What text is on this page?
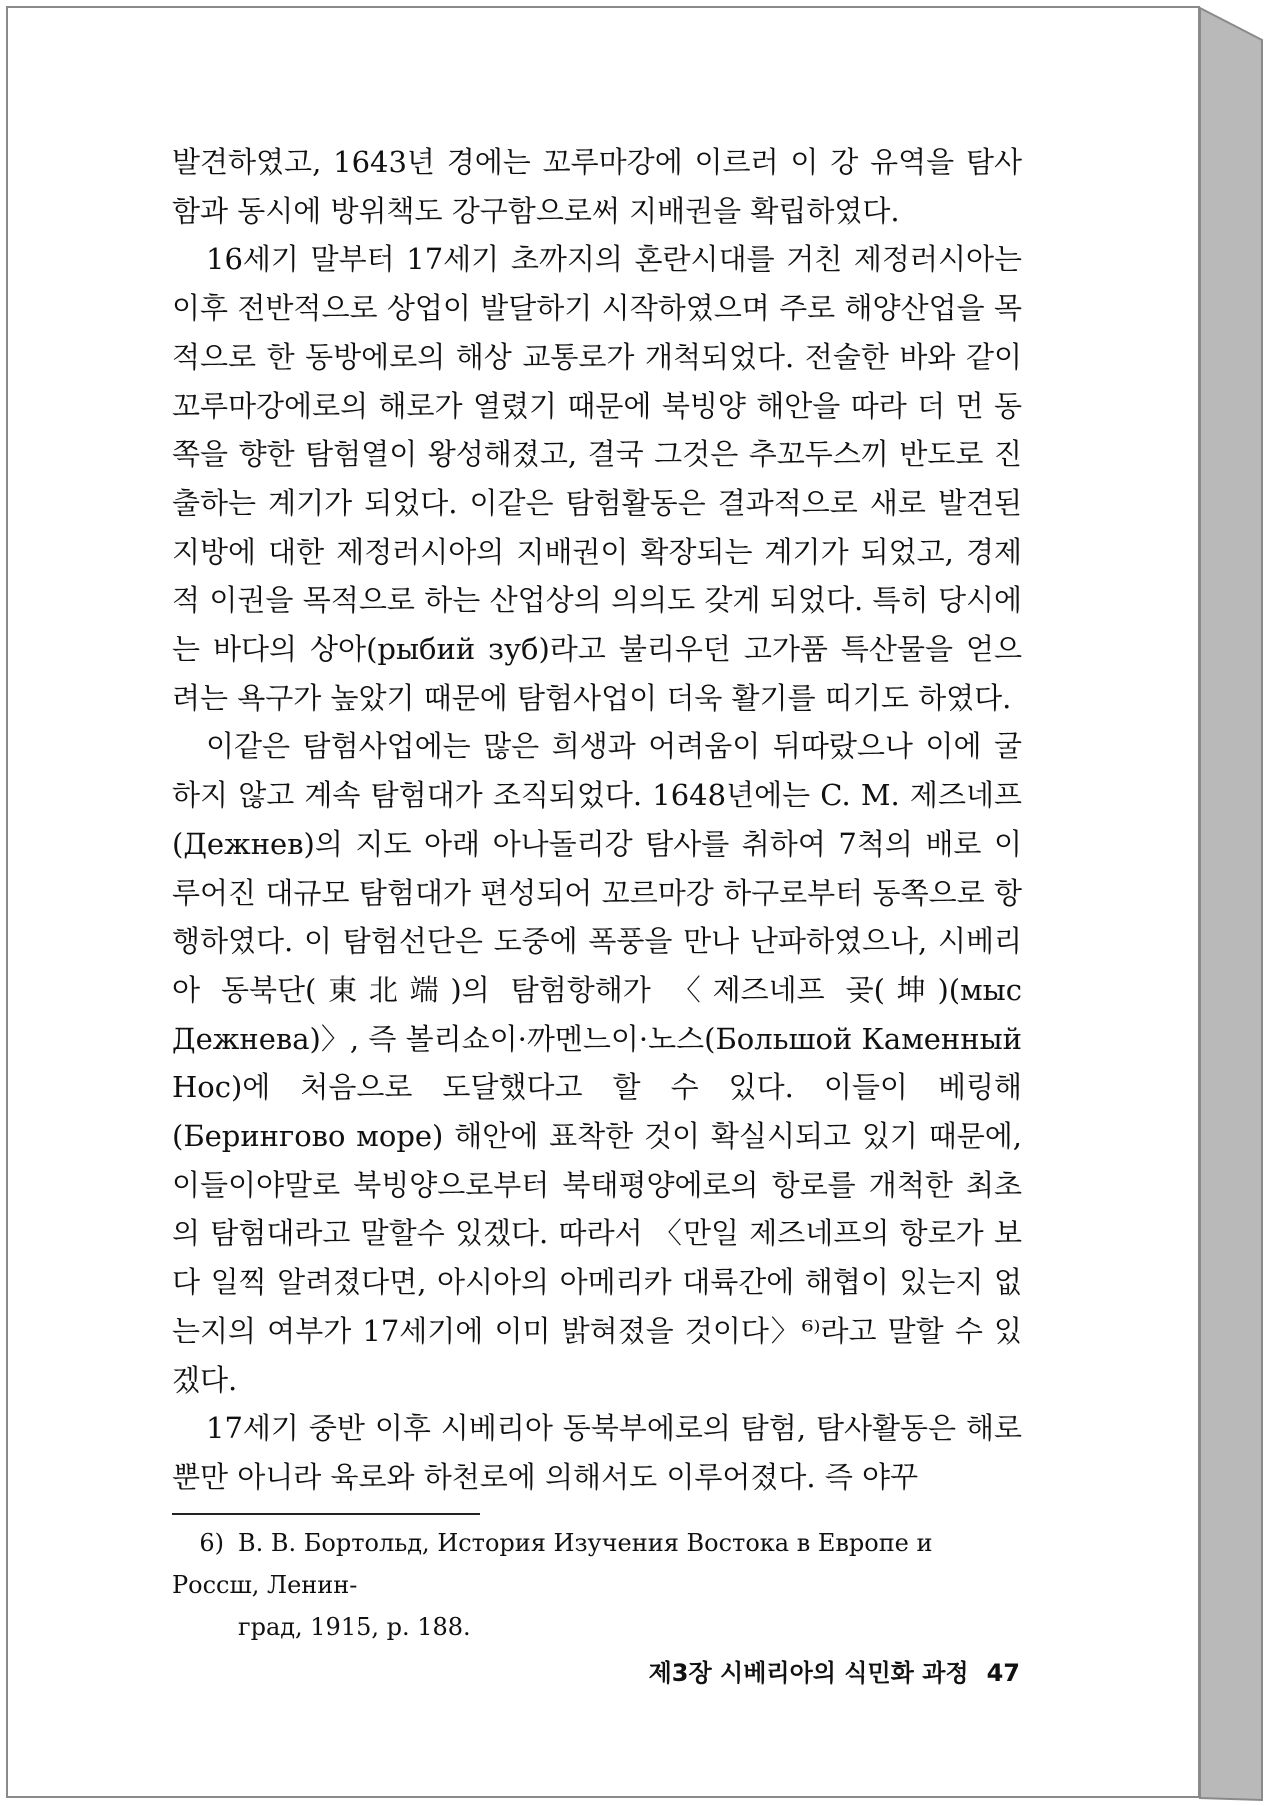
발견하였고, 1643년 경에는 꼬루마강에 이르러 이 강 유역을 탐사함과 동시에 방위책도 강구함으로써 지배권을 확립하였다.

16세기 말부터 17세기 초까지의 혼란시대를 거친 제정러시아는 이후 전반적으로 상업이 발달하기 시작하였으며 주로 해양산업을 목적으로 한 동방에로의 해상 교통로가 개척되었다. 전술한 바와 같이 꼬루마강에로의 해로가 열렸기 때문에 북빙양 해안을 따라 더 먼 동쪽을 향한 탐험열이 왕성해졌고, 결국 그것은 추꼬두스끼 반도로 진출하는 계기가 되었다. 이같은 탐험활동은 결과적으로 새로 발견된 지방에 대한 제정러시아의 지배권이 확장되는 계기가 되었고, 경제적 이권을 목적으로 하는 산업상의 의의도 갖게 되었다. 특히 당시에는 바다의 상아(рыбий зуб)라고 불리우던 고가품 특산물을 얻으려는 욕구가 높았기 때문에 탐험사업이 더욱 활기를 띠기도 하였다.

이같은 탐험사업에는 많은 희생과 어려움이 뒤따랐으나 이에 굴하지 않고 계속 탐험대가 조직되었다. 1648년에는 C. M. 제즈네프(Дежнев)의 지도 아래 아나돌리강 탐사를 취하여 7척의 배로 이루어진 대규모 탐험대가 편성되어 꼬르마강 하구로부터 동쪽으로 항행하였다. 이 탐험선단은 도중에 폭풍을 만나 난파하였으나, 시베리아 동북단(東北端)의 탐험항해가 〈제즈네프 곶(坤)(мыс Дежнева)〉, 즉 볼리쇼이·까멘느이·노스(Большой Каменный Нос)에 처음으로 도달했다고 할 수 있다. 이들이 베링해(Берингово море) 해안에 표착한 것이 확실시되고 있기 때문에, 이들이야말로 북빙양으로부터 북태평양에로의 항로를 개척한 최초의 탐험대라고 말할수 있겠다. 따라서 〈만일 제즈네프의 항로가 보다 일찍 알려졌다면, 아시아의 아메리카 대륙간에 해협이 있는지 없는지의 여부가 17세기에 이미 밝혀졌을 것이다〉⁶⁾라고 말할 수 있겠다.

17세기 중반 이후 시베리아 동북부에로의 탐험, 탐사활동은 해로뿐만 아니라 육로와 하천로에 의해서도 이루어졌다. 즉 야꾸

6) В. В. Бортольд, История Изучения Востока в Европе и Россш, Ленин-
град, 1915, р. 188.
제3장 시베리아의 식민화 과정 47
